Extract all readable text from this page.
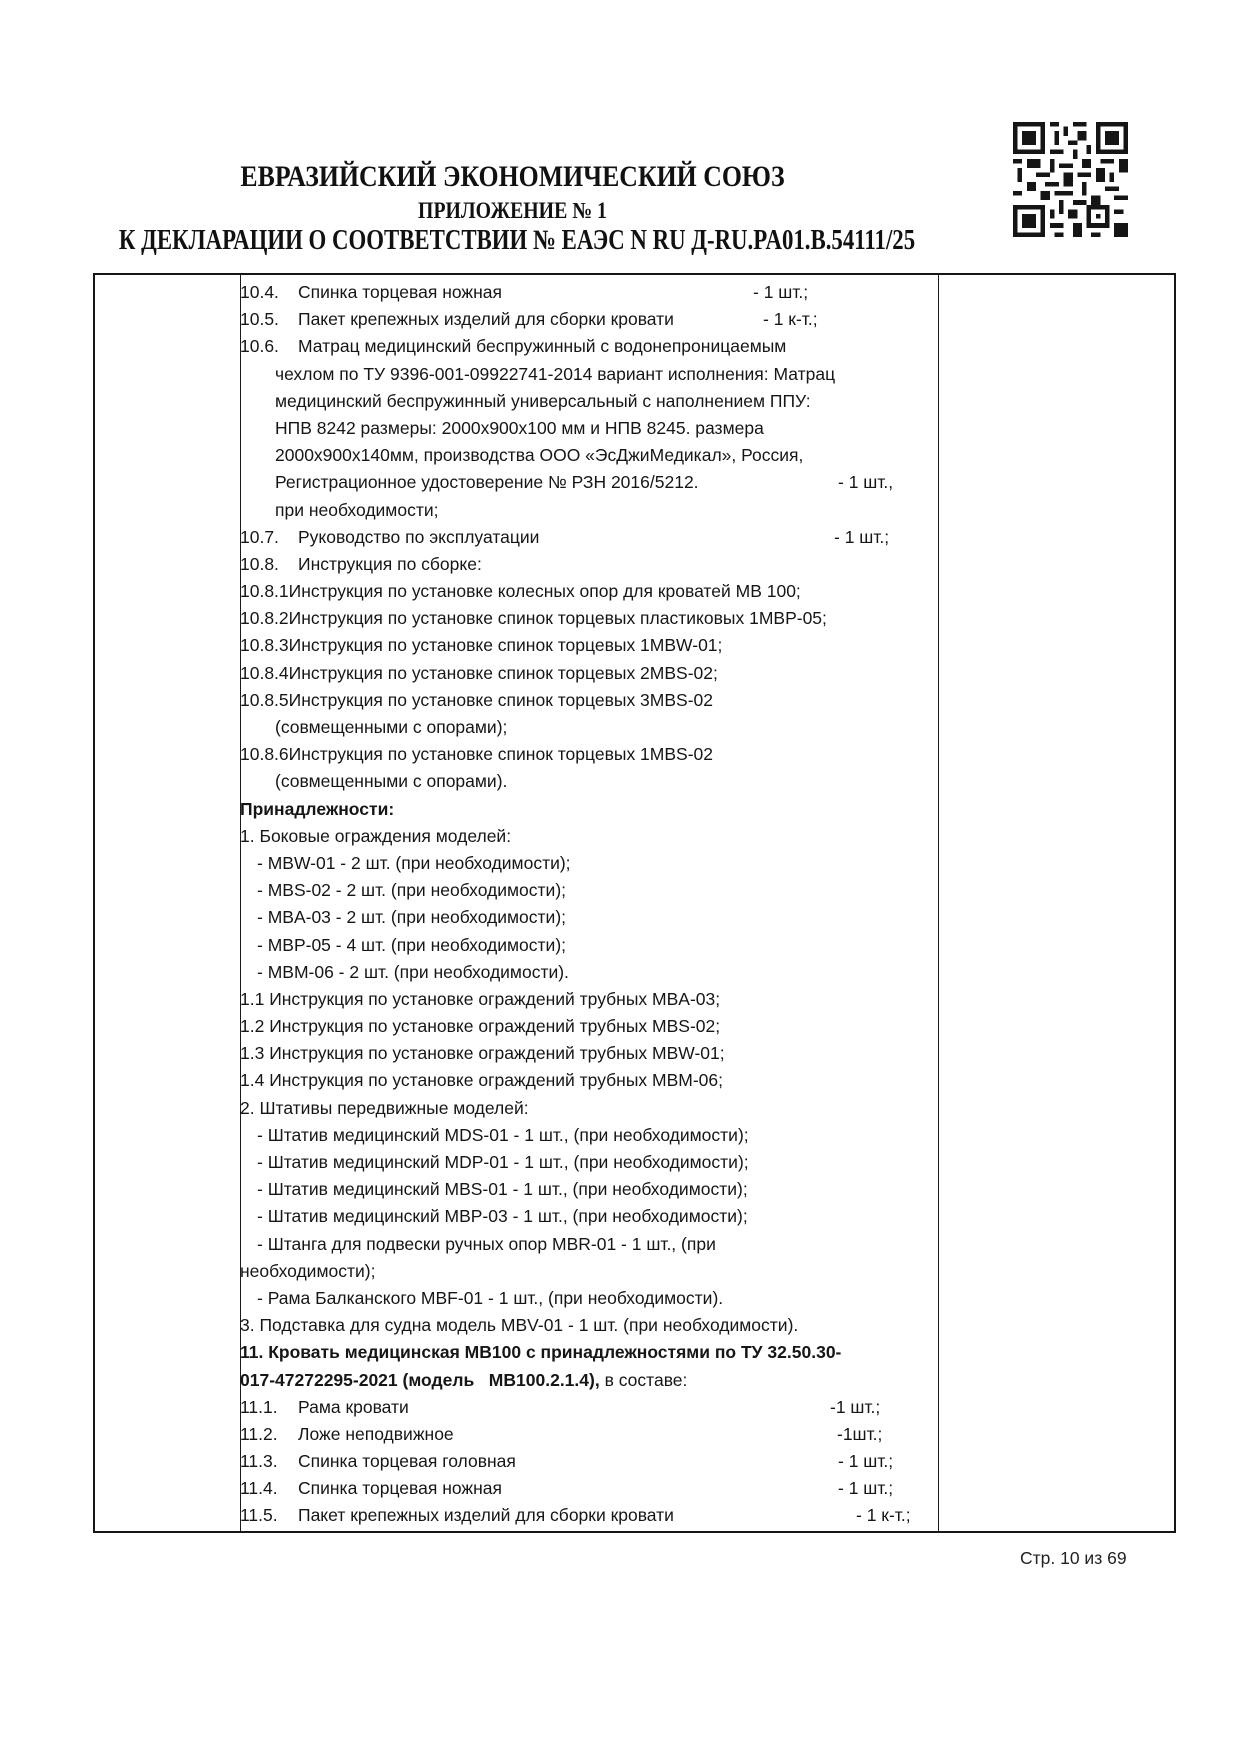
ЕВРАЗИЙСКИЙ ЭКОНОМИЧЕСКИЙ СОЮЗ
ПРИЛОЖЕНИЕ № 1
К ДЕКЛАРАЦИИ О СООТВЕТСТВИИ № ЕАЭС N RU Д-RU.PA01.B.54111/25
10.4. Спинка торцевая ножная	- 1 шт.;
10.5. Пакет крепежных изделий для сборки кровати	- 1 к-т.;
10.6. Матрац медицинский беспружинный с водонепроницаемым
чехлом по ТУ 9396-001-09922741-2014 вариант исполнения: Матрац
медицинский беспружинный универсальный с наполнением ППУ:
НПВ 8242 размеры: 2000x900x100 мм и НПВ 8245. размера
2000x900x140мм, производства ООО «ЭсДжиМедикал», Россия,
Регистрационное удостоверение № РЗН 2016/5212.	- 1 шт.,
при необходимости;
10.7. Руководство по эксплуатации	- 1 шт.;
10.8. Инструкция по сборке:
10.8.1Инструкция по установке колесных опор для кроватей МВ 100;
10.8.2Инструкция по установке спинок торцевых пластиковых 1MBP-05;
10.8.3Инструкция по установке спинок торцевых 1MBW-01;
10.8.4Инструкция по установке спинок торцевых 2MBS-02;
10.8.5Инструкция по установке спинок торцевых 3MBS-02
(совмещенными с опорами);
10.8.6Инструкция по установке спинок торцевых 1MBS-02
(совмещенными с опорами).
Принадлежности:
1. Боковые ограждения моделей:
- MBW-01 - 2 шт. (при необходимости);
- MBS-02 - 2 шт. (при необходимости);
- MBA-03 - 2 шт. (при необходимости);
- MBP-05 - 4 шт. (при необходимости);
- MBM-06 - 2 шт. (при необходимости).
1.1 Инструкция по установке ограждений трубных MBA-03;
1.2 Инструкция по установке ограждений трубных MBS-02;
1.3 Инструкция по установке ограждений трубных MBW-01;
1.4 Инструкция по установке ограждений трубных MBM-06;
2. Штативы передвижные моделей:
- Штатив медицинский MDS-01 - 1 шт., (при необходимости);
- Штатив медицинский MDP-01 - 1 шт., (при необходимости);
- Штатив медицинский MBS-01 - 1 шт., (при необходимости);
- Штатив медицинский MBP-03 - 1 шт., (при необходимости);
- Штанга для подвески ручных опор MBR-01 - 1 шт., (при
необходимости);
- Рама Балканского MBF-01 - 1 шт., (при необходимости).
3. Подставка для судна модель MBV-01 - 1 шт. (при необходимости).
11. Кровать медицинская МВ100 с принадлежностями по ТУ 32.50.30-
017-47272295-2021 (модель   МВ100.2.1.4), в составе:
11.1. Рама кровати	-1 шт.;
11.2. Ложе неподвижное	-1шт.;
11.3. Спинка торцевая головная	- 1 шт.;
11.4. Спинка торцевая ножная	- 1 шт.;
11.5. Пакет крепежных изделий для сборки кровати	- 1 к-т.;
Стр. 10 из 69
